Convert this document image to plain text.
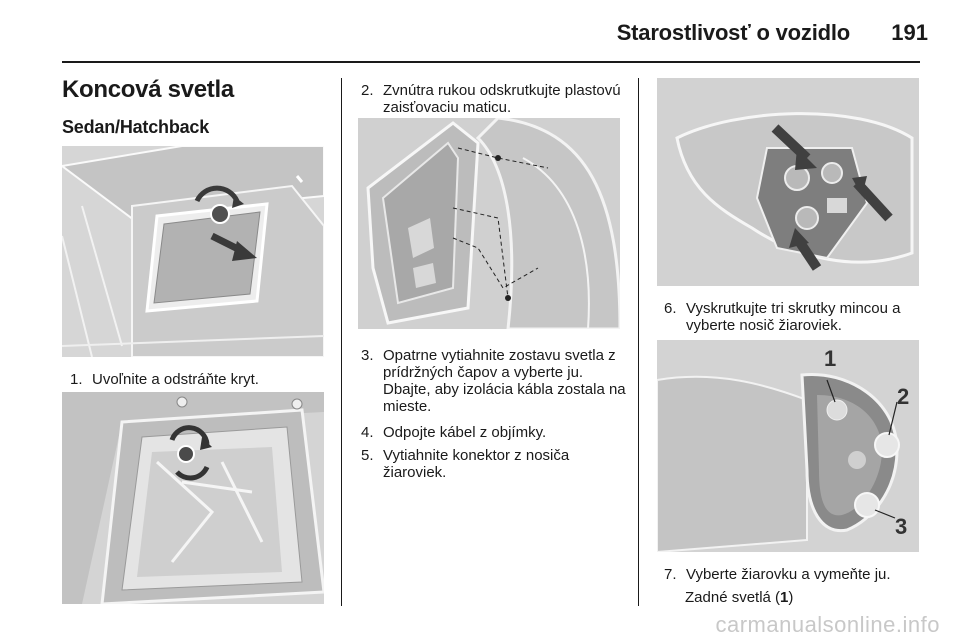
Starostlivosť o vozidlo	191
Koncová svetla
Sedan/Hatchback
1. Uvoľnite a odstráňte kryt.
2. Zvnútra rukou odskrutkujte plastovú zaisťovaciu maticu.
3. Opatrne vytiahnite zostavu svetla z prídržných čapov a vyberte ju. Dbajte, aby izolácia kábla zostala na mieste.
4. Odpojte kábel z objímky.
5. Vytiahnite konektor z nosiča žiaroviek.
6. Vyskrutkujte tri skrutky mincou a vyberte nosič žiaroviek.
1
2
3
7. Vyberte žiarovku a vymeňte ju.
Zadné svetlá (1)
carmanualsonline.info
